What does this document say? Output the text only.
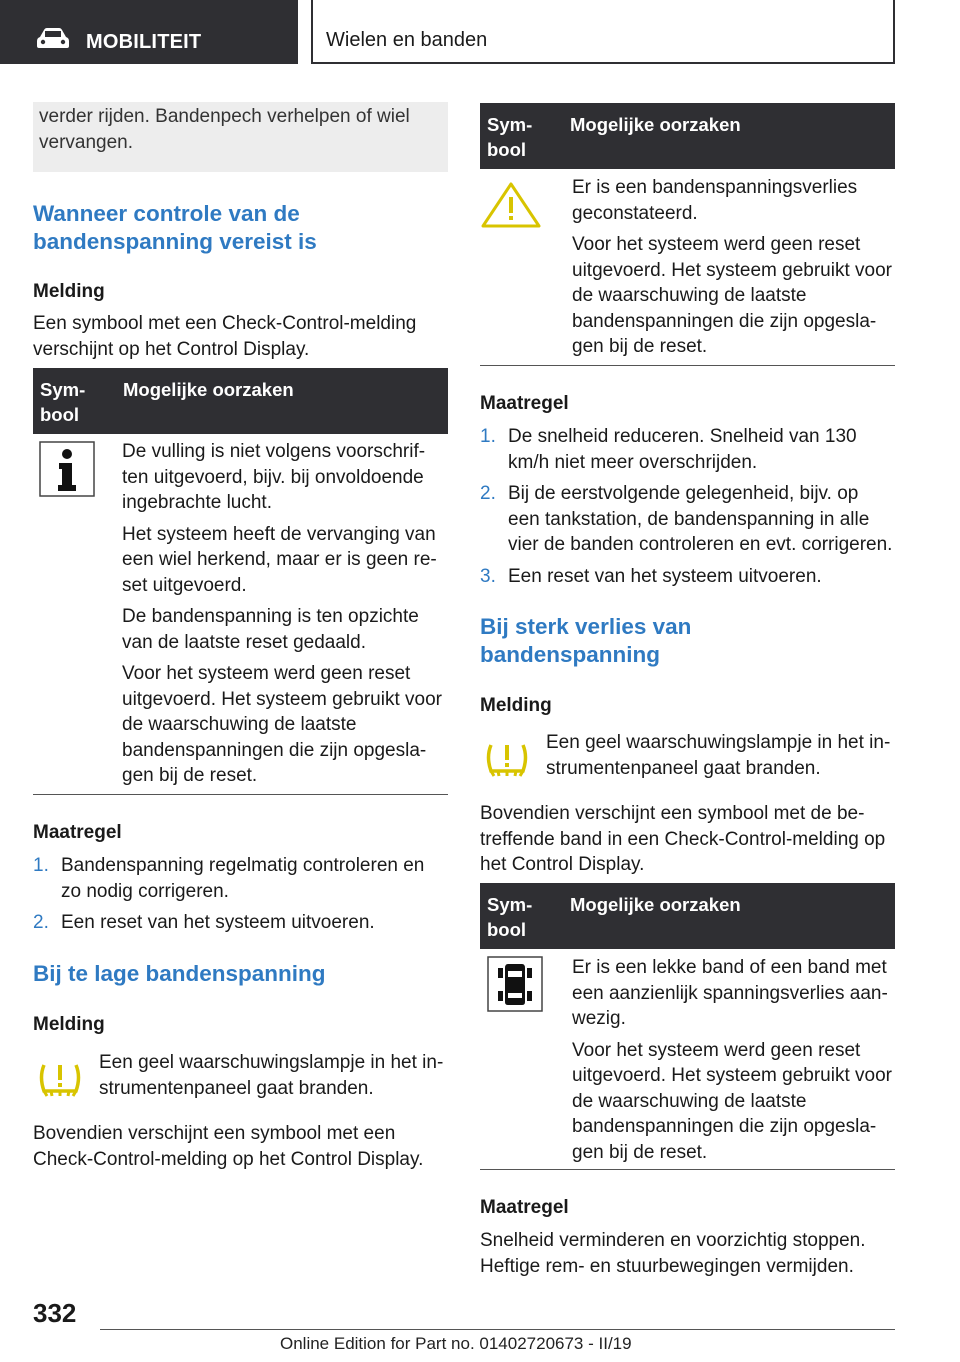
MOBILITEIT	Wielen en banden
verder rijden. Bandenpech verhelpen of wiel vervangen.
Wanneer controle van de bandenspanning vereist is
Melding
Een symbool met een Check-Control-melding verschijnt op het Control Display.
Sym-
bool
Mogelijke oorzaken

De vulling is niet volgens voorschrif-ten uitgevoerd, bijv. bij onvoldoende ingebrachte lucht.

Het systeem heeft de vervanging van een wiel herkend, maar er is geen re-set uitgevoerd.

De bandenspanning is ten opzichte van de laatste reset gedaald.

Voor het systeem werd geen reset uitgevoerd. Het systeem gebruikt voor de waarschuwing de laatste bandenspanningen die zijn opgesla-gen bij de reset.

Maatregel
1. Bandenspanning regelmatig controleren en zo nodig corrigeren.
2. Een reset van het systeem uitvoeren.
Bij te lage bandenspanning
Melding
Een geel waarschuwingslampje in het in-strumentenpaneel gaat branden.
Bovendien verschijnt een symbool met een Check-Control-melding op het Control Display.
Sym-
bool
Mogelijke oorzaken

Er is een bandenspanningsverlies geconstateerd.

Voor het systeem werd geen reset uitgevoerd. Het systeem gebruikt voor de waarschuwing de laatste bandenspanningen die zijn opgesla-gen bij de reset.

Maatregel
1. De snelheid reduceren. Snelheid van 130 km/h niet meer overschrijden.
2. Bij de eerstvolgende gelegenheid, bijv. op een tankstation, de bandenspanning in alle vier de banden controleren en evt. corrigeren.
3. Een reset van het systeem uitvoeren.
Bij sterk verlies van bandenspanning
Melding
Een geel waarschuwingslampje in het in-strumentenpaneel gaat branden.
Bovendien verschijnt een symbool met de be-treffende band in een Check-Control-melding op het Control Display.
Sym-
bool
Mogelijke oorzaken

Er is een lekke band of een band met een aanzienlijk spanningsverlies aan-wezig.

Voor het systeem werd geen reset uitgevoerd. Het systeem gebruikt voor de waarschuwing de laatste bandenspanningen die zijn opgesla-gen bij de reset.

Maatregel
Snelheid verminderen en voorzichtig stoppen. Heftige rem- en stuurbewegingen vermijden.
332
Online Edition for Part no. 01402720673 - II/19
